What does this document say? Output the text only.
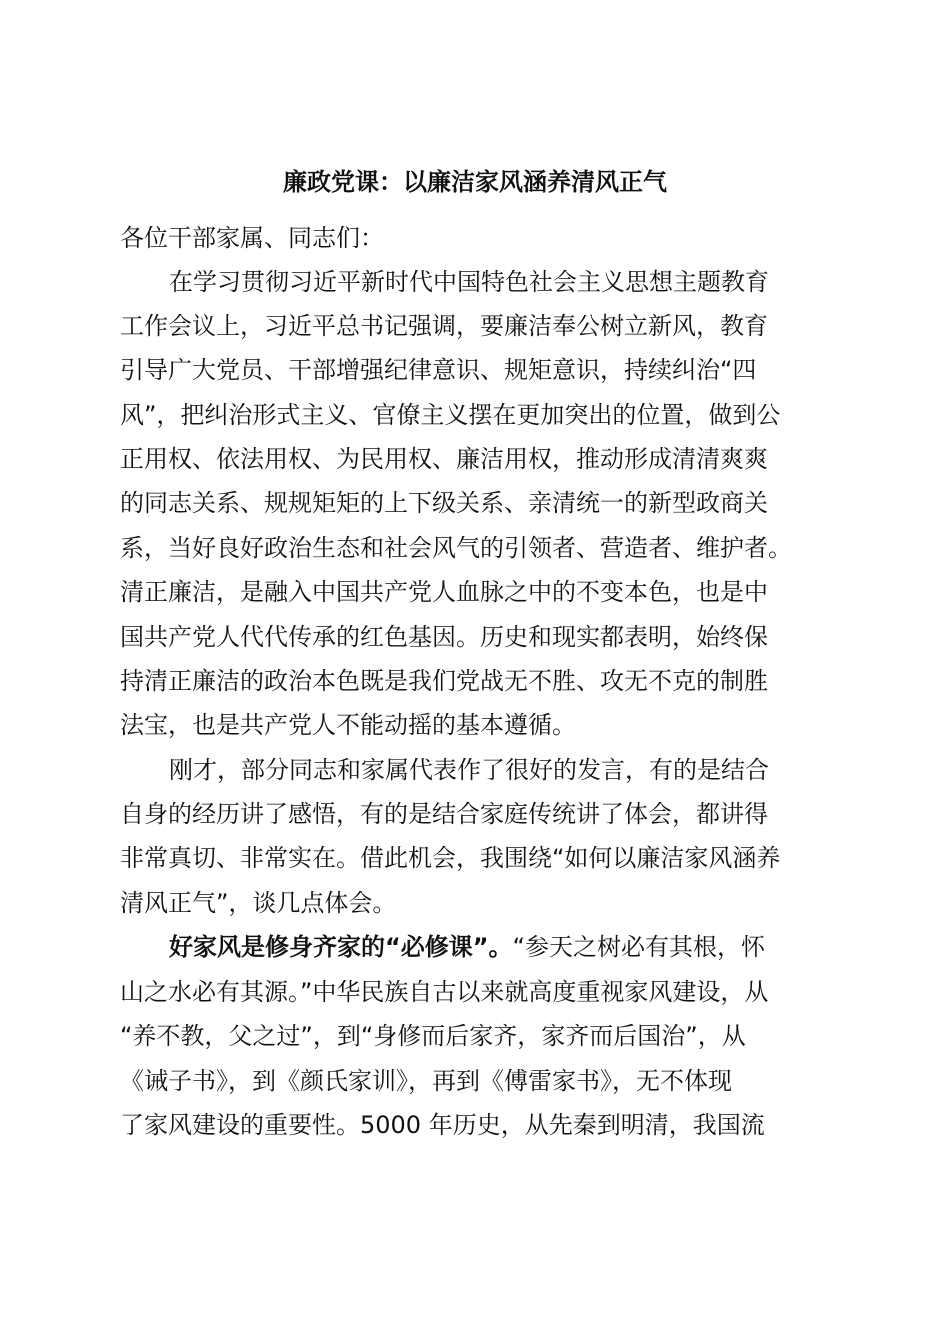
廉政党课：以廉洁家风涵养清风正气

各位干部家属、同志们：

在学习贯彻习近平新时代中国特色社会主义思想主题教育

工作会议上，习近平总书记强调，要廉洁奉公树立新风，教育

引导广大党员、干部增强纪律意识、规矩意识，持续纠治“四

风”，把纠治形式主义、官僚主义摆在更加突出的位置，做到公

正用权、依法用权、为民用权、廉洁用权，推动形成清清爽爽

的同志关系、规规矩矩的上下级关系、亲清统一的新型政商关

系，当好良好政治生态和社会风气的引领者、营造者、维护者。

清正廉洁，是融入中国共产党人血脉之中的不变本色，也是中

国共产党人代代传承的红色基因。历史和现实都表明，始终保

持清正廉洁的政治本色既是我们党战无不胜、攻无不克的制胜

法宝，也是共产党人不能动摇的基本遵循。

刚才，部分同志和家属代表作了很好的发言，有的是结合

自身的经历讲了感悟，有的是结合家庭传统讲了体会，都讲得

非常真切、非常实在。借此机会，我围绕“如何以廉洁家风涵养

清风正气”，谈几点体会。

好家风是修身齐家的“必修课”。“参天之树必有其根，怀

山之水必有其源。”中华民族自古以来就高度重视家风建设，从

“养不教，父之过”，到“身修而后家齐，家齐而后国治”，从

《诫子书》，到《颜氏家训》，再到《傅雷家书》，无不体现

了家风建设的重要性。5000 年历史，从先秦到明清，我国流
